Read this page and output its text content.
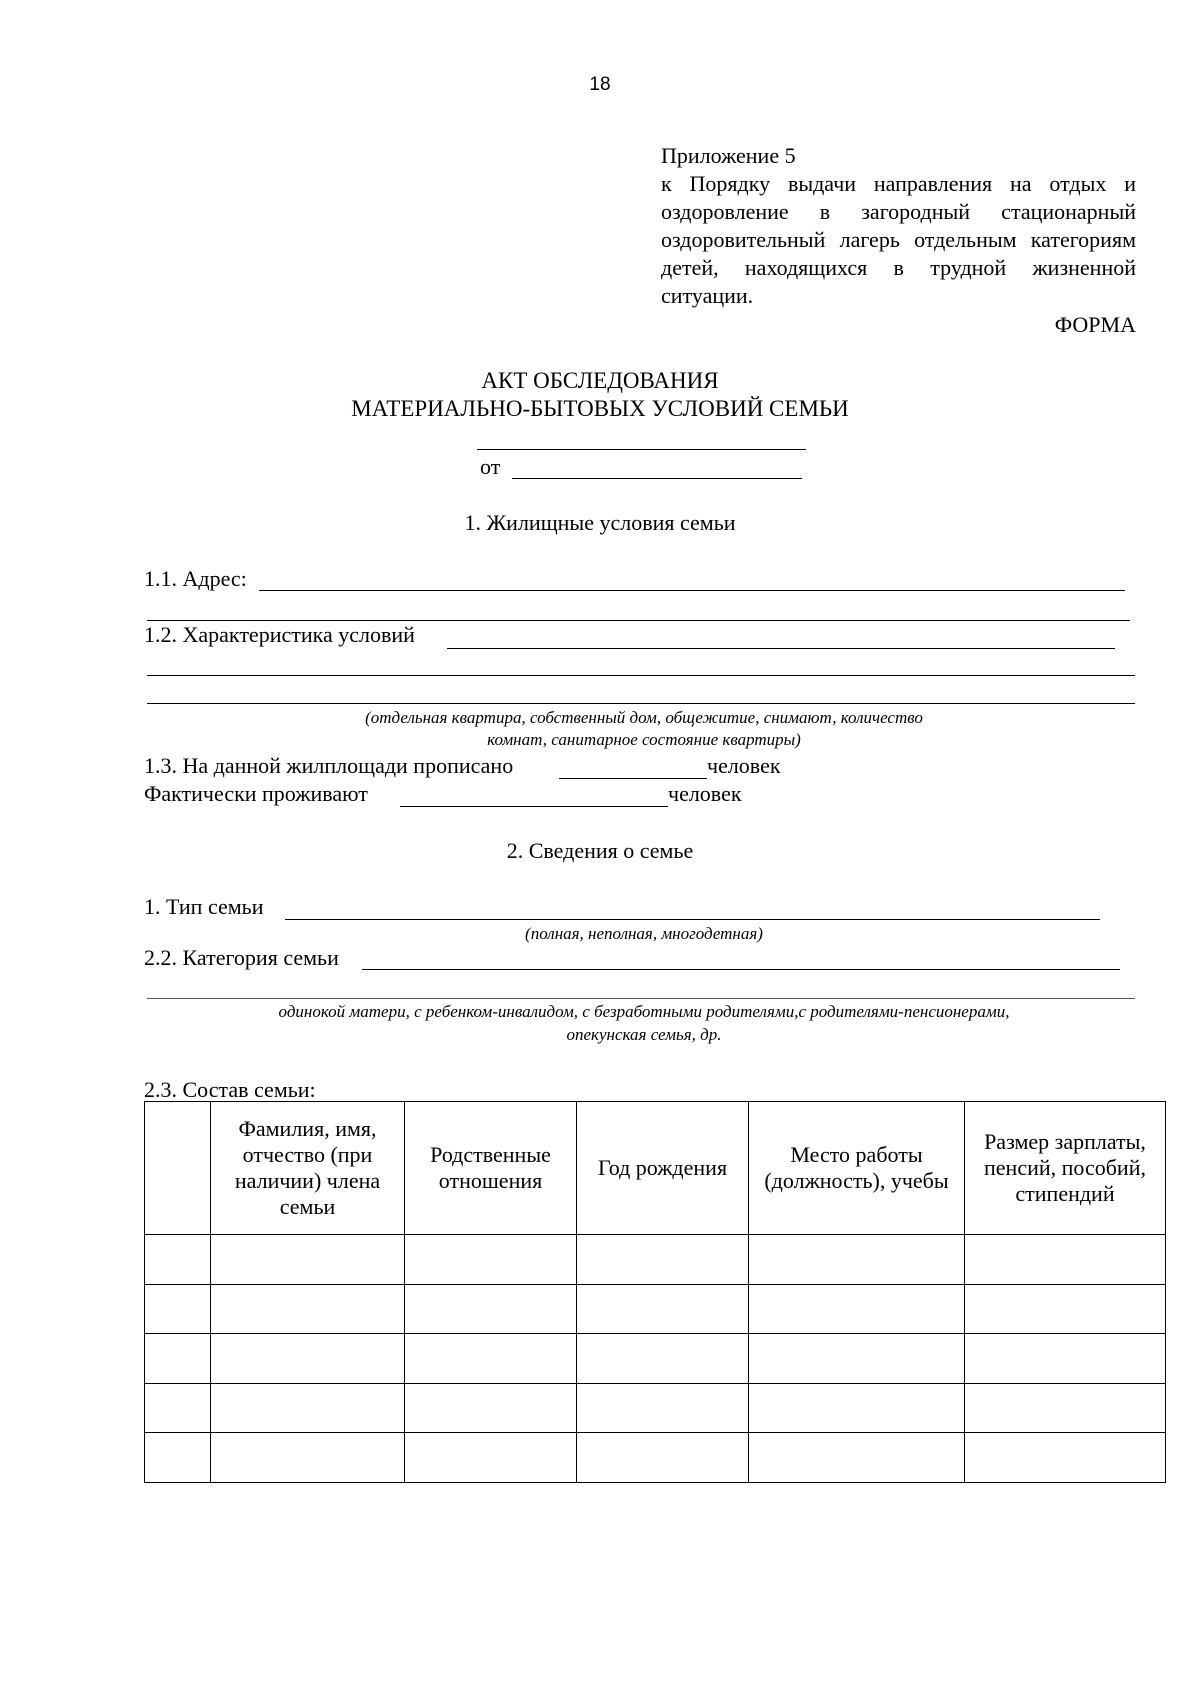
18
Приложение 5
к Порядку выдачи направления на отдых и оздоровление в загородный стационарный оздоровительный лагерь отдельным категориям детей, находящихся в трудной жизненной ситуации.
ФОРМА
АКТ ОБСЛЕДОВАНИЯ
МАТЕРИАЛЬНО-БЫТОВЫХ УСЛОВИЙ СЕМЬИ
от
1. Жилищные условия семьи
1.1. Адрес:
1.2. Характеристика условий
(отдельная квартира, собственный дом, общежитие, снимают, количество
комнат, санитарное состояние квартиры)
1.3. На данной жилплощади прописано	человек
Фактически проживают	человек
2. Сведения о семье
1. Тип семьи
(полная, неполная, многодетная)
2.2. Категория семьи
одинокой матери, с ребенком-инвалидом, с безработными родителями,с родителями-пенсионерами,
опекунская семья, др.
2.3. Состав семьи:
	Фамилия, имя, отчество (при наличии) члена семьи	Родственные отношения	Год рождения	Место работы (должность), учебы	Размер зарплаты, пенсий, пособий, стипендий
